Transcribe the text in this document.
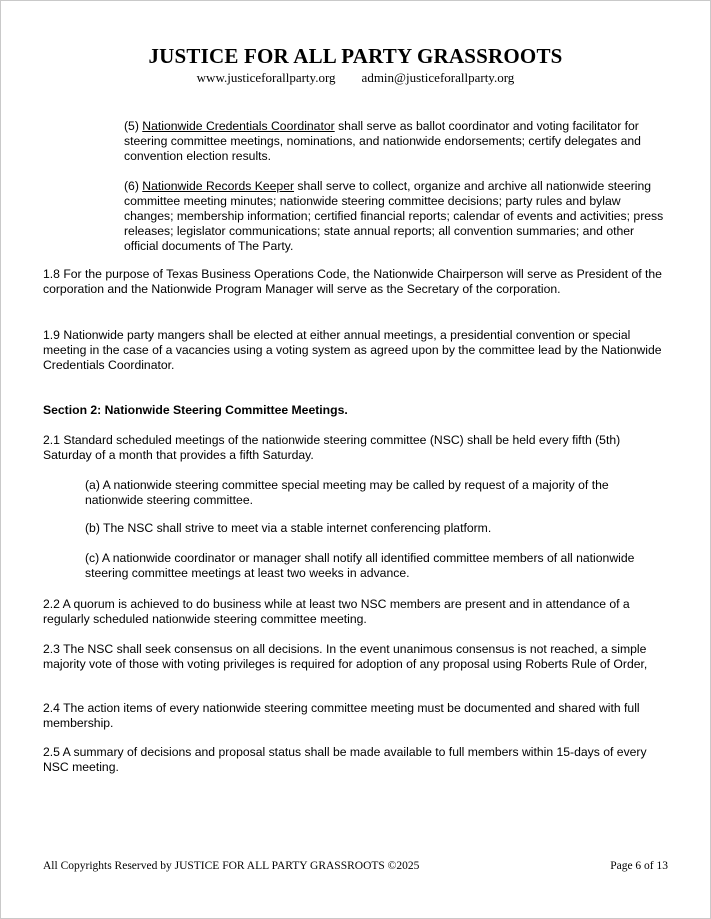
JUSTICE FOR ALL PARTY GRASSROOTS
www.justiceforallparty.org admin@justiceforallparty.org

(5) Nationwide Credentials Coordinator shall serve as ballot coordinator and voting facilitator for steering committee meetings, nominations, and nationwide endorsements; certify delegates and convention election results.

(6) Nationwide Records Keeper shall serve to collect, organize and archive all nationwide steering committee meeting minutes; nationwide steering committee decisions; party rules and bylaw changes; membership information; certified financial reports; calendar of events and activities; press releases; legislator communications; state annual reports; all convention summaries; and other official documents of The Party.

1.8 For the purpose of Texas Business Operations Code, the Nationwide Chairperson will serve as President of the corporation and the Nationwide Program Manager will serve as the Secretary of the corporation.

1.9 Nationwide party mangers shall be elected at either annual meetings, a presidential convention or special meeting in the case of a vacancies using a voting system as agreed upon by the committee lead by the Nationwide Credentials Coordinator.

Section 2: Nationwide Steering Committee Meetings.

2.1 Standard scheduled meetings of the nationwide steering committee (NSC) shall be held every fifth (5th) Saturday of a month that provides a fifth Saturday.

(a) A nationwide steering committee special meeting may be called by request of a majority of the nationwide steering committee.

(b) The NSC shall strive to meet via a stable internet conferencing platform.

(c) A nationwide coordinator or manager shall notify all identified committee members of all nationwide steering committee meetings at least two weeks in advance.

2.2 A quorum is achieved to do business while at least two NSC members are present and in attendance of a regularly scheduled nationwide steering committee meeting.

2.3 The NSC shall seek consensus on all decisions. In the event unanimous consensus is not reached, a simple majority vote of those with voting privileges is required for adoption of any proposal using Roberts Rule of Order,

2.4 The action items of every nationwide steering committee meeting must be documented and shared with full membership.

2.5 A summary of decisions and proposal status shall be made available to full members within 15-days of every NSC meeting.

All Copyrights Reserved by JUSTICE FOR ALL PARTY GRASSROOTS ©2025	Page 6 of 13
